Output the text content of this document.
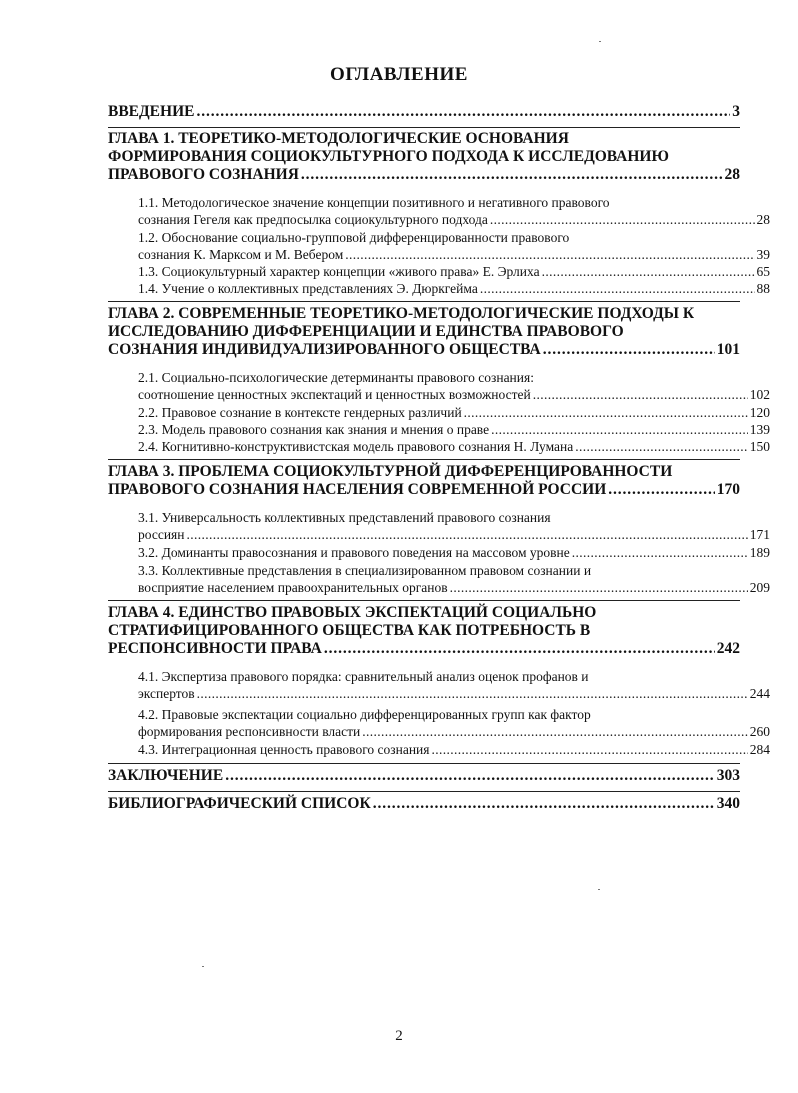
ОГЛАВЛЕНИЕ
ВВЕДЕНИЕ . . .	3
ГЛАВА 1. ТЕОРЕТИКО-МЕТОДОЛОГИЧЕСКИЕ ОСНОВАНИЯ
ФОРМИРОВАНИЯ СОЦИОКУЛЬТУРНОГО ПОДХОДА К ИССЛЕДОВАНИЮ
ПРАВОВОГО СОЗНАНИЯ . . .	28
1.1. Методологическое значение концепции позитивного и негативного правового
сознания Гегеля как предпосылка социокультурного подхода . . .	28
1.2. Обоснование социально-групповой дифференцированности правового
сознания К. Марксом и М. Вебером . . .	39
1.3. Социокультурный характер концепции «живого права» Е. Эрлиха . . .	65
1.4. Учение о коллективных представлениях Э. Дюркгейма . . .	88
ГЛАВА 2. СОВРЕМЕННЫЕ ТЕОРЕТИКО-МЕТОДОЛОГИЧЕСКИЕ ПОДХОДЫ К
ИССЛЕДОВАНИЮ ДИФФЕРЕНЦИАЦИИ И ЕДИНСТВА ПРАВОВОГО
СОЗНАНИЯ ИНДИВИДУАЛИЗИРОВАННОГО ОБЩЕСТВА . . .	101
2.1. Социально-психологические детерминанты правового сознания:
соотношение ценностных экспектаций и ценностных возможностей . . .	102
2.2. Правовое сознание в контексте гендерных различий . . .	120
2.3. Модель правового сознания как знания и мнения о праве . . .	139
2.4. Когнитивно-конструктивистская модель правового сознания Н. Лумана . . .	150
ГЛАВА 3. ПРОБЛЕМА СОЦИОКУЛЬТУРНОЙ ДИФФЕРЕНЦИРОВАННОСТИ
ПРАВОВОГО СОЗНАНИЯ НАСЕЛЕНИЯ СОВРЕМЕННОЙ РОССИИ . . .	170
3.1. Универсальность коллективных представлений правового сознания
россиян . . .	171
3.2. Доминанты правосознания и правового поведения на массовом уровне . . .	189
3.3. Коллективные представления в специализированном правовом сознании и
восприятие населением правоохранительных органов . . .	209
ГЛАВА 4. ЕДИНСТВО ПРАВОВЫХ ЭКСПЕКТАЦИЙ СОЦИАЛЬНО
СТРАТИФИЦИРОВАННОГО ОБЩЕСТВА КАК ПОТРЕБНОСТЬ В
РЕСПОНСИВНОСТИ ПРАВА . . .	242
4.1. Экспертиза правового порядка: сравнительный анализ оценок профанов и
экспертов . . .	244
4.2. Правовые экспектации социально дифференцированных групп как фактор
формирования респонсивности власти . . .	260
4.3. Интеграционная ценность правового сознания . . .	284
ЗАКЛЮЧЕНИЕ . . .	303
БИБЛИОГРАФИЧЕСКИЙ СПИСОК . . .	340
2
